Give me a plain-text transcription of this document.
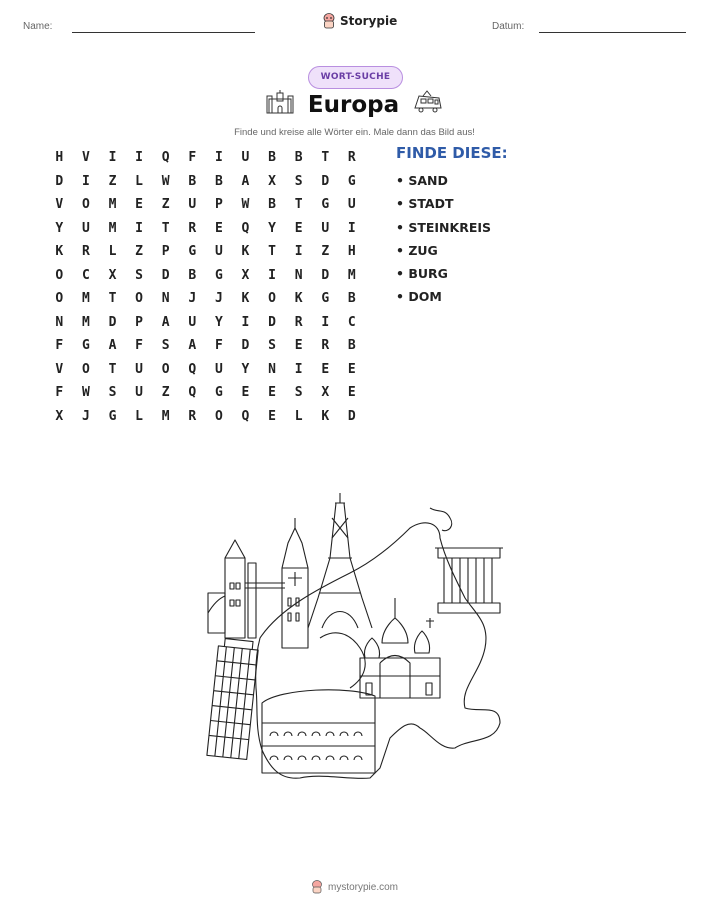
Name:	Storypie	Datum:
WORT-SUCHE
Europa
Finde und kreise alle Wörter ein. Male dann das Bild aus!
H	V	I	I	Q	F	I	U	B	B	T	R
D	I	Z	L	W	B	B	A	X	S	D	G
V	O	M	E	Z	U	P	W	B	T	G	U
Y	U	M	I	T	R	E	Q	Y	E	U	I
K	R	L	Z	P	G	U	K	T	I	Z	H
O	C	X	S	D	B	G	X	I	N	D	M
O	M	T	O	N	J	J	K	O	K	G	B
N	M	D	P	A	U	Y	I	D	R	I	C
F	G	A	F	S	A	F	D	S	E	R	B
V	O	T	U	O	Q	U	Y	N	I	E	E
F	W	S	U	Z	Q	G	E	E	S	X	E
X	J	G	L	M	R	O	Q	E	L	K	D
FINDE DIESE:
• SAND
• STADT
• STEINKREIS
• ZUG
• BURG
• DOM
mystorypie.com
